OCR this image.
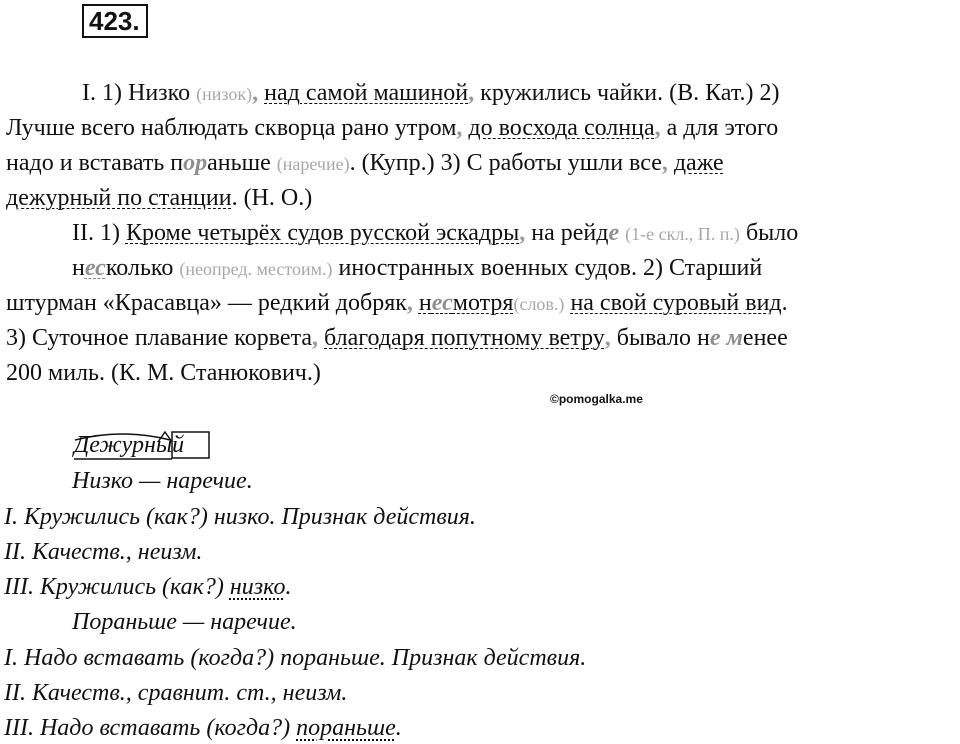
423.
I. 1) Низко (низок), над самой машиной, кружились чайки. (В. Кат.) 2)
Лучше всего наблюдать скворца рано утром, до восхода солнца, а для этого
надо и вставать пораньше (наречие). (Купр.) 3) С работы ушли все, даже
дежурный по станции. (Н. О.)
II. 1) Кроме четырёх судов русской эскадры, на рейде (1-е скл., П. п.) было
несколько (неопред. местоим.) иностранных военных судов. 2) Старший
штурман «Красавца» — редкий добряк, несмотря(слов.) на свой суровый вид.
3) Суточное плавание корвета, благодаря попутному ветру, бывало не менее
200 миль. (К. М. Станюкович.)
©pomogalka.me
Дежурный
Низко — наречие.
I. Кружились (как?) низко. Признак действия.
II. Качеств., неизм.
III. Кружились (как?) низко.
Пораньше — наречие.
I. Надо вставать (когда?) пораньше. Признак действия.
II. Качеств., сравнит. ст., неизм.
III. Надо вставать (когда?) пораньше.
